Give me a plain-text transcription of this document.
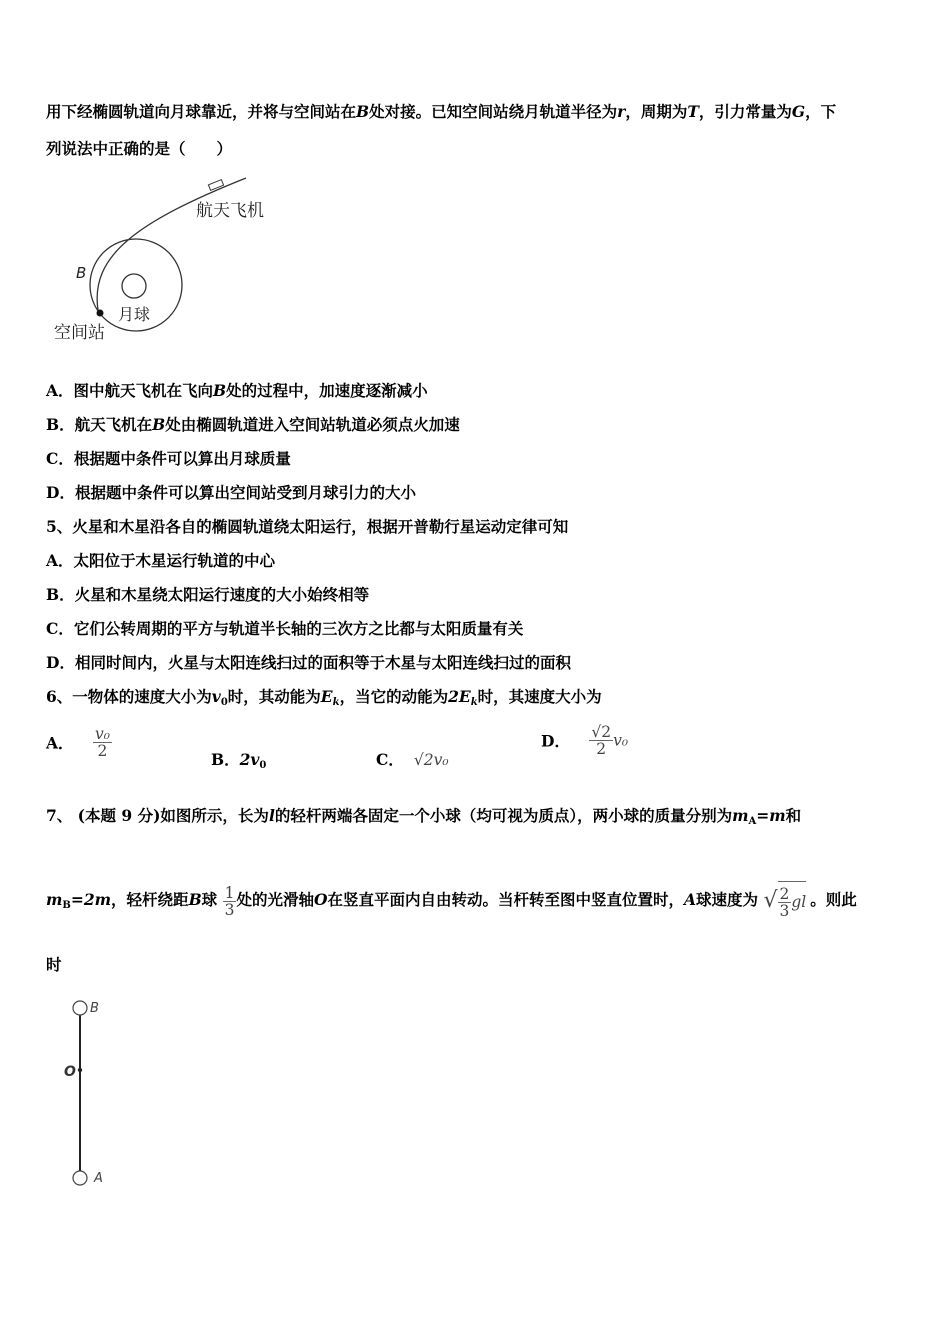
用下经椭圆轨道向月球靠近，并将与空间站在B处对接。已知空间站绕月轨道半径为r，周期为T，引力常量为G，下
列说法中正确的是（　　）
航天飞机
B
月球
空间站
A．图中航天飞机在飞向B处的过程中，加速度逐渐减小
B．航天飞机在B处由椭圆轨道进入空间站轨道必须点火加速
C．根据题中条件可以算出月球质量
D．根据题中条件可以算出空间站受到月球引力的大小
5、火星和木星沿各自的椭圆轨道绕太阳运行，根据开普勒行星运动定律可知
A．太阳位于木星运行轨道的中心
B．火星和木星绕太阳运行速度的大小始终相等
C．它们公转周期的平方与轨道半长轴的三次方之比都与太阳质量有关
D．相同时间内，火星与太阳连线扫过的面积等于木星与太阳连线扫过的面积
6、一物体的速度大小为$v_0$时，其动能为$E_k$，当它的动能为$2E_k$时，其速度大小为
A． $\frac{\text{v₀}}{2}$
B．$2v_0$	C． √2v₀
D． $\frac{√2}{2} v_0$
7、 (本题 9 分)如图所示，长为l的轻杆两端各固定一个小球（均可视为质点），两小球的质量分别为$m_A=m$和
$m_B=2m$，轻杆绕距B球 $\frac{1}{3}$ 处的光滑轴O在竖直平面内自由转动。当杆转至图中竖直位置时，A球速度为 √ $\frac{2}{3}$ gl 。则此
时
B
O
A
